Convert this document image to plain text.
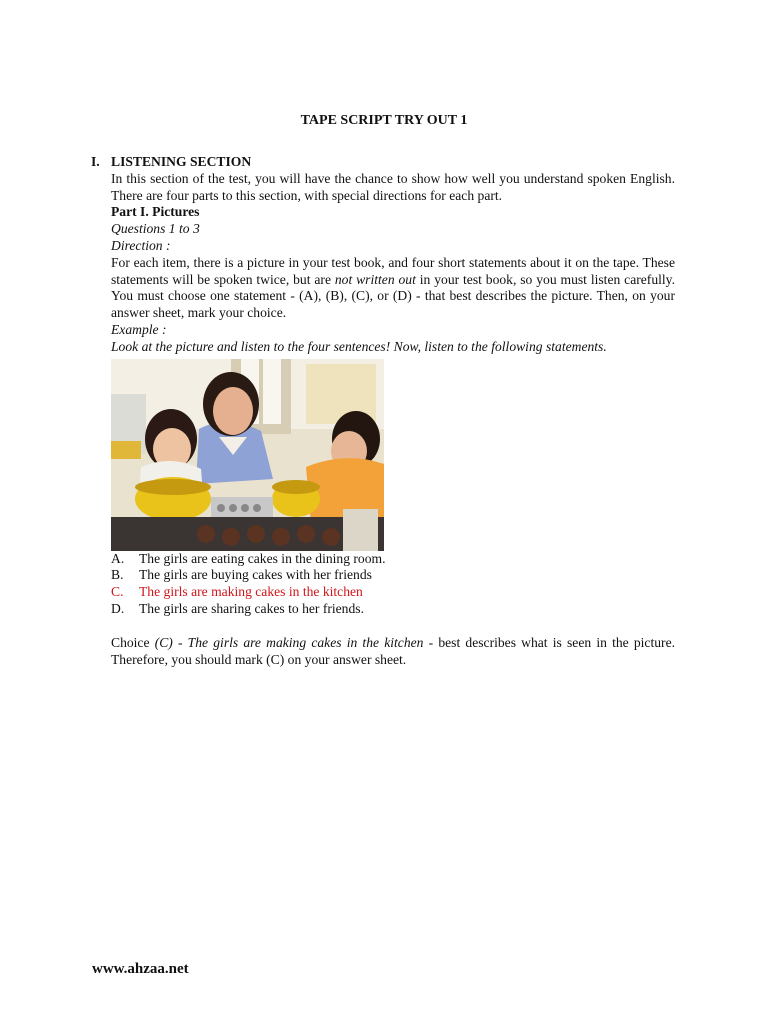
TAPE SCRIPT TRY OUT 1
I. LISTENING SECTION

In this section of the test, you will have the chance to show how well you understand spoken English. There are four parts to this section, with special directions for each part.

Part I. Pictures

Questions 1 to 3

Direction :

For each item, there is a picture in your test book, and four short statements about it on the tape. These statements will be spoken twice, but are not written out in your test book, so you must listen carefully. You must choose one statement - (A), (B), (C), or (D) - that best describes the picture. Then, on your answer sheet, mark your choice.

Example :

Look at the picture and listen to the four sentences! Now, listen to the following statements.

A.	The girls are eating cakes in the dining room.
B.	The girls are buying cakes with her friends
C.	The girls are making cakes in the kitchen
D.	The girls are sharing cakes to her friends.

Choice (C) - The girls are making cakes in the kitchen - best describes what is seen in the picture. Therefore, you should mark (C) on your answer sheet.

www.ahzaa.net
